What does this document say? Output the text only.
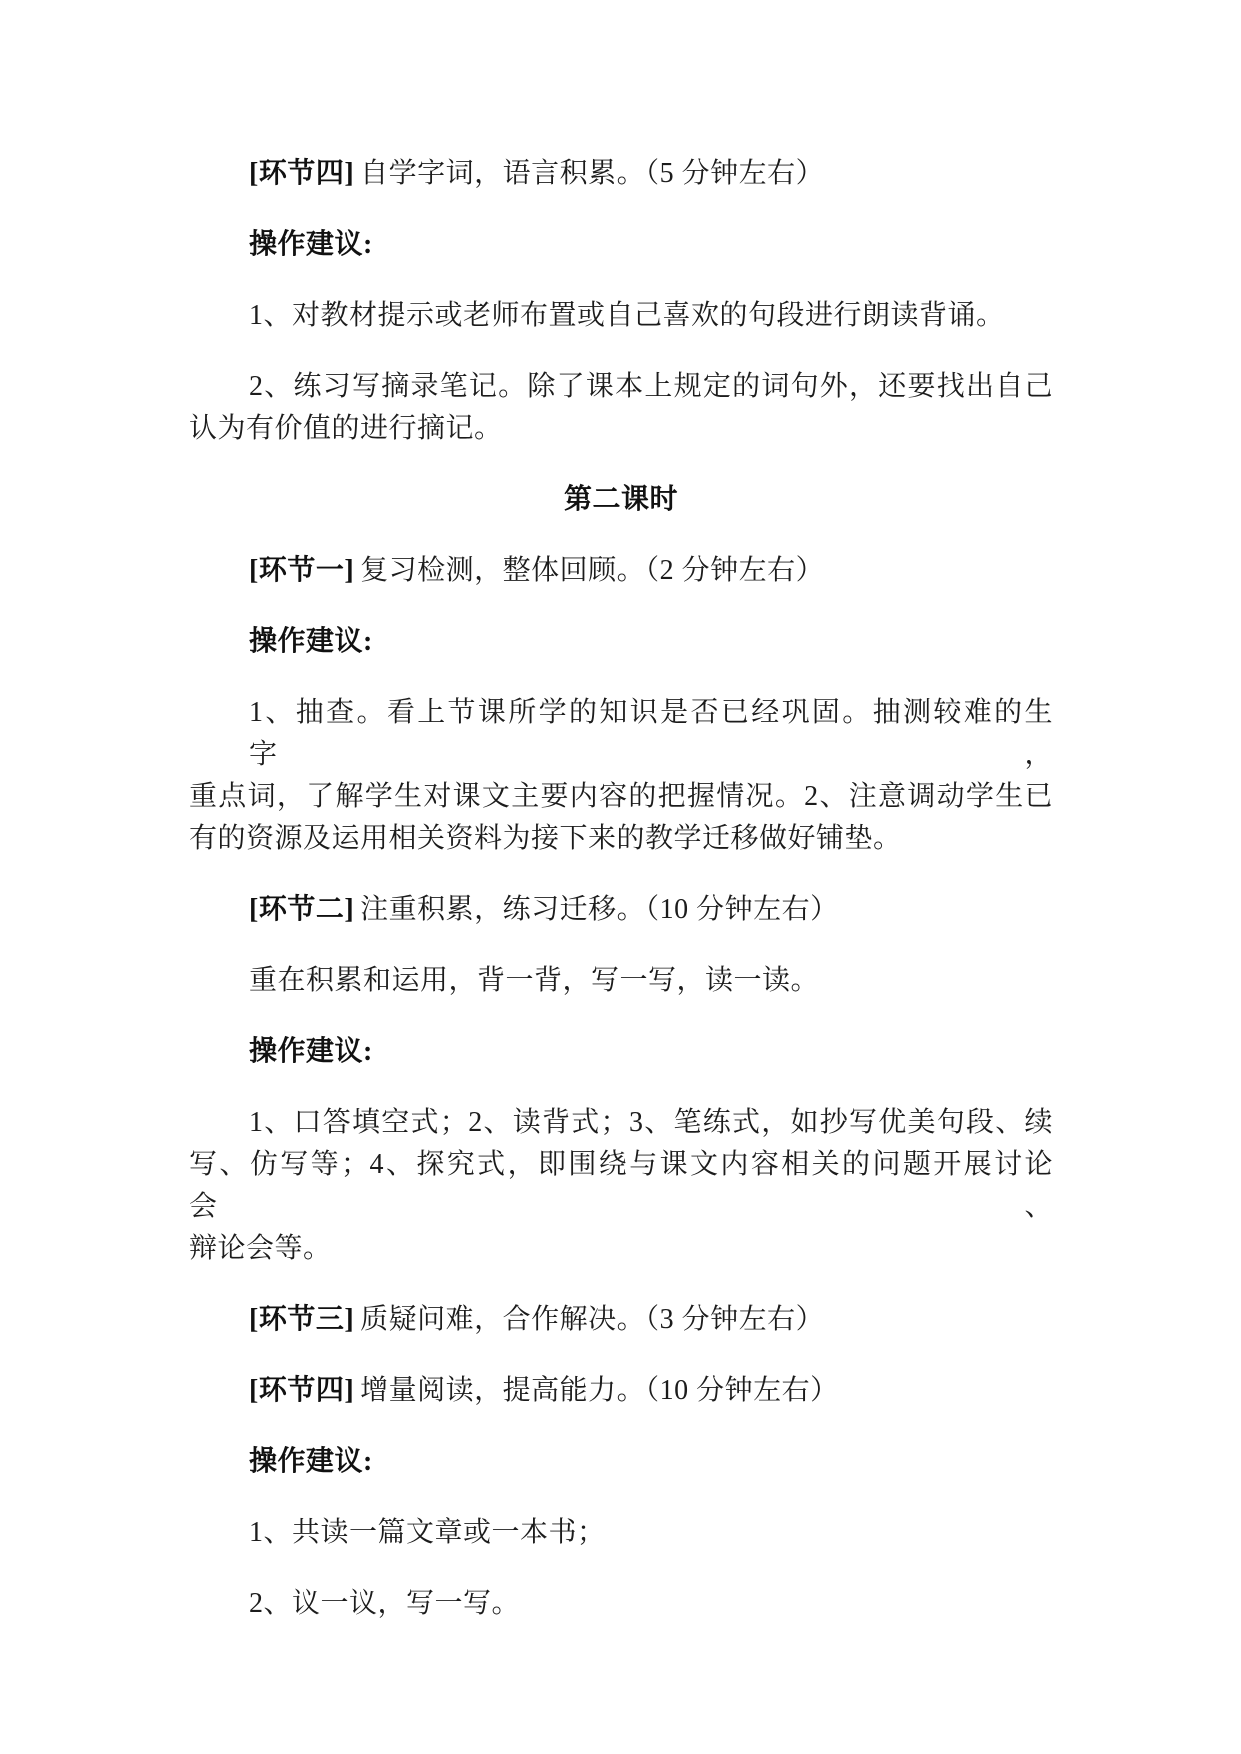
[环节四] 自学字词，语言积累。（5 分钟左右）

操作建议:

1、对教材提示或老师布置或自己喜欢的句段进行朗读背诵。

2、练习写摘录笔记。除了课本上规定的词句外，还要找出自己
认为有价值的进行摘记。

第二课时

[环节一] 复习检测，整体回顾。（2 分钟左右）

操作建议:

1、抽查。看上节课所学的知识是否已经巩固。抽测较难的生字，
重点词，了解学生对课文主要内容的把握情况。2、注意调动学生已
有的资源及运用相关资料为接下来的教学迁移做好铺垫。

[环节二] 注重积累，练习迁移。（10 分钟左右）

重在积累和运用，背一背，写一写，读一读。

操作建议:

1、口答填空式；2、读背式；3、笔练式，如抄写优美句段、续
写、仿写等；4、探究式，即围绕与课文内容相关的问题开展讨论会、
辩论会等。

[环节三] 质疑问难，合作解决。（3 分钟左右）

[环节四] 增量阅读，提高能力。（10 分钟左右）

操作建议:

1、共读一篇文章或一本书；

2、议一议，写一写。
